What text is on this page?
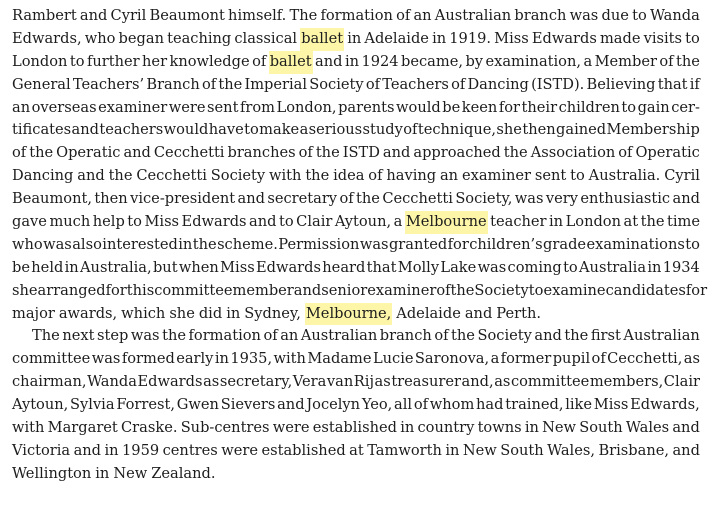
Rambert and Cyril Beaumont himself. The formation of an Australian branch was due to Wanda
Edwards, who began teaching classical ballet in Adelaide in 1919. Miss Edwards made visits to
London to further her knowledge of ballet and in 1924 became, by examination, a Member of the
General Teachers’ Branch of the Imperial Society of Teachers of Dancing (ISTD). Believing that if
an overseas examiner were sent from London, parents would be keen for their children to gain cer-
tificates and teachers would have to make a serious study of technique, she then gained Membership
of the Operatic and Cecchetti branches of the ISTD and approached the Association of Operatic
Dancing and the Cecchetti Society with the idea of having an examiner sent to Australia. Cyril
Beaumont, then vice-president and secretary of the Cecchetti Society, was very enthusiastic and
gave much help to Miss Edwards and to Clair Aytoun, a Melbourne teacher in London at the time
who was also interested in the scheme. Permission was granted for children’s grade examinations to
be held in Australia, but when Miss Edwards heard that Molly Lake was coming to Australia in 1934
she arranged for this committee member and senior examiner of the Society to examine candidates for
major awards, which she did in Sydney, Melbourne, Adelaide and Perth.
The next step was the formation of an Australian branch of the Society and the first Australian
committee was formed early in 1935, with Madame Lucie Saronova, a former pupil of Cecchetti, as
chairman, Wanda Edwards as secretary, Vera van Rij as treasurer and, as committee members, Clair
Aytoun, Sylvia Forrest, Gwen Sievers and Jocelyn Yeo, all of whom had trained, like Miss Edwards,
with Margaret Craske. Sub-centres were established in country towns in New South Wales and
Victoria and in 1959 centres were established at Tamworth in New South Wales, Brisbane, and
Wellington in New Zealand.
